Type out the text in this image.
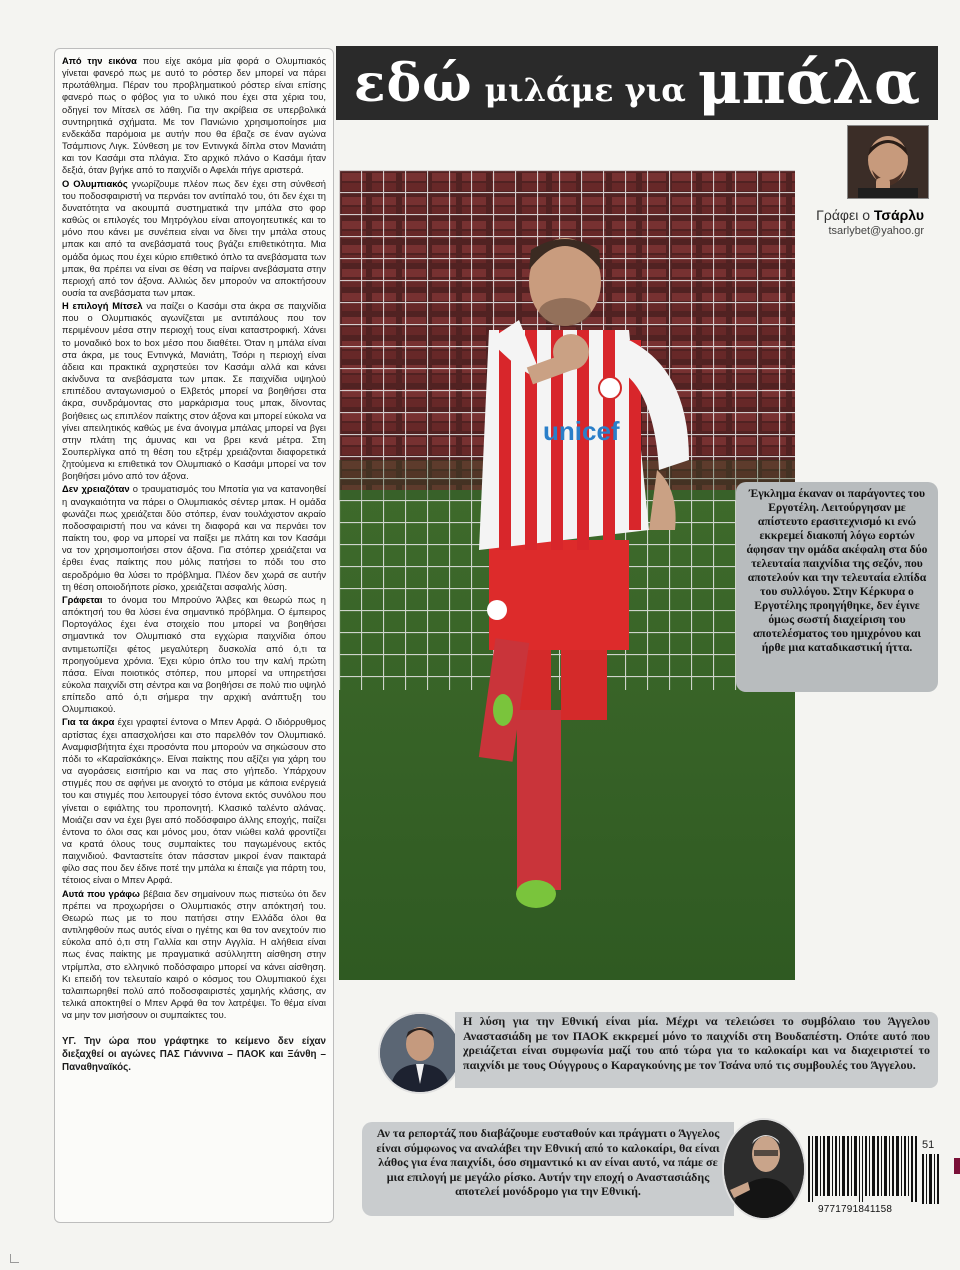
Από την εικόνα που είχε ακόμα μία φορά ο Ολυμπιακός γίνεται φανερό πως με αυτό το ρόστερ δεν μπορεί να πάρει πρωτάθλημα. Πέραν του προβληματικού ρόστερ είναι επίσης φανερό πως ο φόβος για το υλικό που έχει στα χέρια του, οδηγεί τον Μίτσελ σε λάθη. Για την ακρίβεια σε υπερβολικά συντηρητικά σχήματα. Με τον Πανιώνιο χρησιμοποίησε μια ενδεκάδα παρόμοια με αυτήν που θα έβαζε σε έναν αγώνα Τσάμπιονς Λιγκ. Σύνθεση με τον Εντινγκά δίπλα στον Μανιάτη και τον Κασάμι στα πλάγια. Στο αρχικό πλάνο ο Κασάμι ήταν δεξιά, όταν βγήκε από το παιχνίδι ο Αφελάι πήγε αριστερά.

Ο Ολυμπιακός γνωρίζουμε πλέον πως δεν έχει στη σύνθεσή του ποδοσφαιριστή να περνάει τον αντίπαλό του, ότι δεν έχει τη δυνατότητα να ακουμπά συστηματικά την μπάλα στο φορ καθώς οι επιλογές του Μητρόγλου είναι απογοητευτικές και το μόνο που κάνει με συνέπεια είναι να δίνει την μπάλα στους μπακ και από τα ανεβάσματά τους βγάζει επιθετικότητα. Μια ομάδα όμως που έχει κύριο επιθετικό όπλο τα ανεβάσματα των μπακ, θα πρέπει να είναι σε θέση να παίρνει ανεβάσματα στην περιοχή από τον άξονα. Αλλιώς δεν μπορούν να αποκτήσουν ουσία τα ανεβάσματα των μπακ.

Η επιλογή Μίτσελ να παίζει ο Κασάμι στα άκρα σε παιχνίδια που ο Ολυμπιακός αγωνίζεται με αντιπάλους που τον περιμένουν μέσα στην περιοχή τους είναι καταστροφική. Χάνει το μοναδικό box to box μέσο που διαθέτει. Όταν η μπάλα είναι στα άκρα, με τους Εντινγκά, Μανιάτη, Τσόρι η περιοχή είναι άδεια και πρακτικά αχρηστεύει τον Κασάμι αλλά και κάνει ακίνδυνα τα ανεβάσματα των μπακ. Σε παιχνίδια υψηλού επιπέδου ανταγωνισμού ο Ελβετός μπορεί να βοηθήσει στα άκρα, συνδράμοντας στο μαρκάρισμα τους μπακ, δίνοντας βοήθειες ως επιπλέον παίκτης στον άξονα και μπορεί εύκολα να γίνει απειλητικός καθώς με ένα άνοιγμα μπάλας μπορεί να βγει στην πλάτη της άμυνας και να βρει κενά μέτρα. Στη Σουπερλίγκα από τη θέση του εξτρέμ χρειάζονται διαφορετικά ζητούμενα κι επιθετικά τον Ολυμπιακό ο Κασάμι μπορεί να τον βοηθήσει μόνο από τον άξονα.

Δεν χρειαζόταν ο τραυματισμός του Μποτία για να κατανοηθεί η αναγκαιότητα να πάρει ο Ολυμπιακός σέντερ μπακ. Η ομάδα φωνάζει πως χρειάζεται δύο στόπερ, έναν τουλάχιστον ακραίο ποδοσφαιριστή που να κάνει τη διαφορά και να περνάει τον παίκτη του, φορ να μπορεί να παίξει με πλάτη και τον Κασάμι να τον χρησιμοποιήσει στον άξονα. Για στόπερ χρειάζεται να έρθει ένας παίκτης που μόλις πατήσει το πόδι του στο αεροδρόμιο θα λύσει το πρόβλημα. Πλέον δεν χωρά σε αυτήν τη θέση οποιοδήποτε ρίσκο, χρειάζεται ασφαλής λύση.

Γράφεται το όνομα του Μπρούνο Άλβες και θεωρώ πως η απόκτησή του θα λύσει ένα σημαντικό πρόβλημα. Ο έμπειρος Πορτογάλος έχει ένα στοιχείο που μπορεί να βοηθήσει σημαντικά τον Ολυμπιακό στα εγχώρια παιχνίδια όπου αντιμετωπίζει φέτος μεγαλύτερη δυσκολία από ό,τι τα προηγούμενα χρόνια. Έχει κύριο όπλο του την καλή πρώτη πάσα. Είναι ποιοτικός στόπερ, που μπορεί να υπηρετήσει εύκολα παιχνίδι στη σέντρα και να βοηθήσει σε πολύ πιο υψηλό επίπεδο από ό,τι σήμερα την αρχική ανάπτυξη του Ολυμπιακού.

Για τα άκρα έχει γραφτεί έντονα ο Μπεν Αρφά. Ο ιδιόρρυθμος αρτίστας έχει απασχολήσει και στο παρελθόν τον Ολυμπιακό. Αναμφισβήτητα έχει προσόντα που μπορούν να σηκώσουν στο πόδι το «Καραϊσκάκης». Είναι παίκτης που αξίζει για χάρη του να αγοράσεις εισιτήριο και να πας στο γήπεδο. Υπάρχουν στιγμές που σε αφήνει με ανοιχτό το στόμα με κάποια ενέργειά του και στιγμές που λειτουργεί τόσο έντονα εκτός συνόλου που γίνεται ο εφιάλτης του προπονητή. Κλασικό ταλέντο αλάνας. Μοιάζει σαν να έχει βγει από ποδόσφαιρο άλλης εποχής, παίζει έντονα το όλοι σας και μόνος μου, όταν νιώθει καλά φροντίζει να κρατά όλους τους συμπαίκτες του παγωμένους εκτός παιχνιδιού. Φανταστείτε όταν πάσσταν μικροί έναν παικταρά φίλο σας που δεν έδινε ποτέ την μπάλα κι έπαιζε για πάρτη του, τέτοιος είναι ο Μπεν Αρφά.

Αυτά που γράφω βέβαια δεν σημαίνουν πως πιστεύω ότι δεν πρέπει να προχωρήσει ο Ολυμπιακός στην απόκτησή του. Θεωρώ πως με το που πατήσει στην Ελλάδα όλοι θα αντιληφθούν πως αυτός είναι ο ηγέτης και θα τον ανεχτούν πιο εύκολα από ό,τι στη Γαλλία και στην Αγγλία. Η αλήθεια είναι πως ένας παίκτης με πραγματικά ασύλληπτη αίσθηση στην ντρίμπλα, στο ελληνικό ποδόσφαιρο μπορεί να κάνει αίσθηση. Κι επειδή τον τελευταίο καιρό ο κόσμος του Ολυμπιακού έχει ταλαιπωρηθεί πολύ από ποδοσφαιριστές χαμηλής κλάσης, αν τελικά αποκτηθεί ο Μπεν Αρφά θα τον λατρέψει. Το θέμα είναι να μην τον μισήσουν οι συμπαίκτες του.

ΥΓ. Την ώρα που γράφτηκε το κείμενο δεν είχαν διεξαχθεί οι αγώνες ΠΑΣ Γιάννινα – ΠΑΟΚ και Ξάνθη – Παναθηναϊκός.

εδώ μιλάμε για μπάλα
Γράφει ο Τσάρλυ
tsarlybet@yahoo.gr
unicef
Έγκλημα έκαναν οι παράγοντες του Εργοτέλη. Λειτούργησαν με απίστευτο ερασιτεχνισμό κι ενώ εκκρεμεί διακοπή λόγω εορτών άφησαν την ομάδα ακέφαλη στα δύο τελευταία παιχνίδια της σεζόν, που αποτελούν και την τελευταία ελπίδα του συλλόγου. Στην Κέρκυρα ο Εργοτέλης προηγήθηκε, δεν έγινε όμως σωστή διαχείριση του αποτελέσματος του ημιχρόνου και ήρθε μια καταδικαστική ήττα.
Η λύση για την Εθνική είναι μία. Μέχρι να τελειώσει το συμβόλαιο του Άγγελου Αναστασιάδη με τον ΠΑΟΚ εκκρεμεί μόνο το παιχνίδι στη Βουδαπέστη. Οπότε αυτό που χρειάζεται είναι συμφωνία μαζί του από τώρα για το καλοκαίρι και να διαχειριστεί το παιχνίδι με τους Ούγγρους ο Καραγκούνης με τον Τσάνα υπό τις συμβουλές του Άγγελου.
Αν τα ρεπορτάζ που διαβάζουμε ευσταθούν και πράγματι ο Άγγελος είναι σύμφωνος να αναλάβει την Εθνική από το καλοκαίρι, θα είναι λάθος για ένα παιχνίδι, όσο σημαντικό κι αν είναι αυτό, να πάμε σε μια επιλογή με μεγάλο ρίσκο. Αυτήν την εποχή ο Αναστασιάδης αποτελεί μονόδρομο για την Εθνική.
51
9771791841158
